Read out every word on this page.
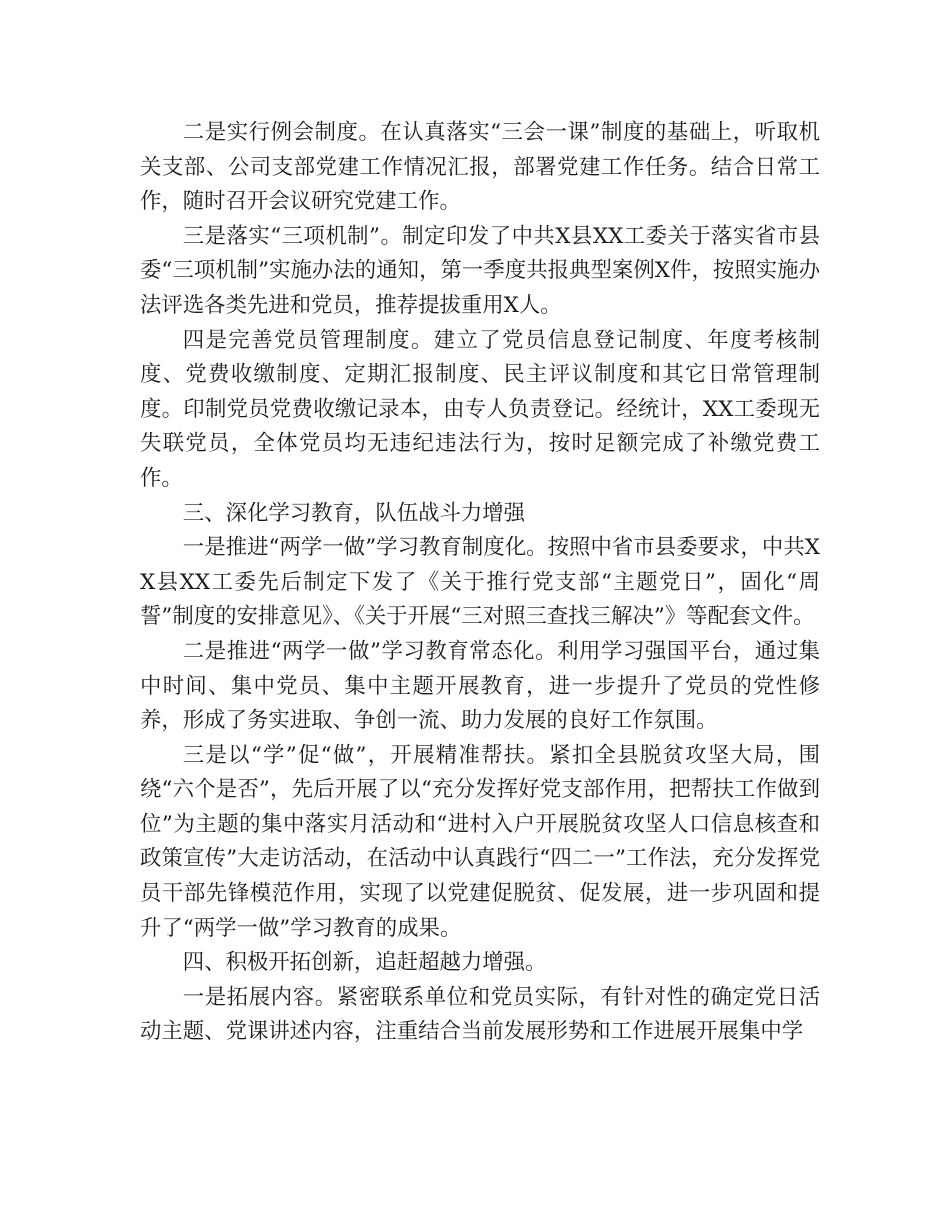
二是实行例会制度。在认真落实“三会一课”制度的基础上，听取机关支部、公司支部党建工作情况汇报，部署党建工作任务。结合日常工作，随时召开会议研究党建工作。

三是落实“三项机制”。制定印发了中共X县XX工委关于落实省市县委“三项机制”实施办法的通知，第一季度共报典型案例X件，按照实施办法评选各类先进和党员，推荐提拔重用X人。

四是完善党员管理制度。建立了党员信息登记制度、年度考核制度、党费收缴制度、定期汇报制度、民主评议制度和其它日常管理制度。印制党员党费收缴记录本，由专人负责登记。经统计，XX工委现无失联党员，全体党员均无违纪违法行为，按时足额完成了补缴党费工作。

三、深化学习教育，队伍战斗力增强

一是推进“两学一做”学习教育制度化。按照中省市县委要求，中共XX县XX工委先后制定下发了《关于推行党支部“主题党日”，固化“周誓”制度的安排意见》、《关于开展“三对照三查找三解决”》等配套文件。

二是推进“两学一做”学习教育常态化。利用学习强国平台，通过集中时间、集中党员、集中主题开展教育，进一步提升了党员的党性修养，形成了务实进取、争创一流、助力发展的良好工作氛围。

三是以“学”促“做”，开展精准帮扶。紧扣全县脱贫攻坚大局，围绕“六个是否”，先后开展了以“充分发挥好党支部作用，把帮扶工作做到位”为主题的集中落实月活动和“进村入户开展脱贫攻坚人口信息核查和政策宣传”大走访活动，在活动中认真践行“四二一”工作法，充分发挥党员干部先锋模范作用，实现了以党建促脱贫、促发展，进一步巩固和提升了“两学一做”学习教育的成果。

四、积极开拓创新，追赶超越力增强。

一是拓展内容。紧密联系单位和党员实际，有针对性的确定党日活动主题、党课讲述内容，注重结合当前发展形势和工作进展开展集中学
